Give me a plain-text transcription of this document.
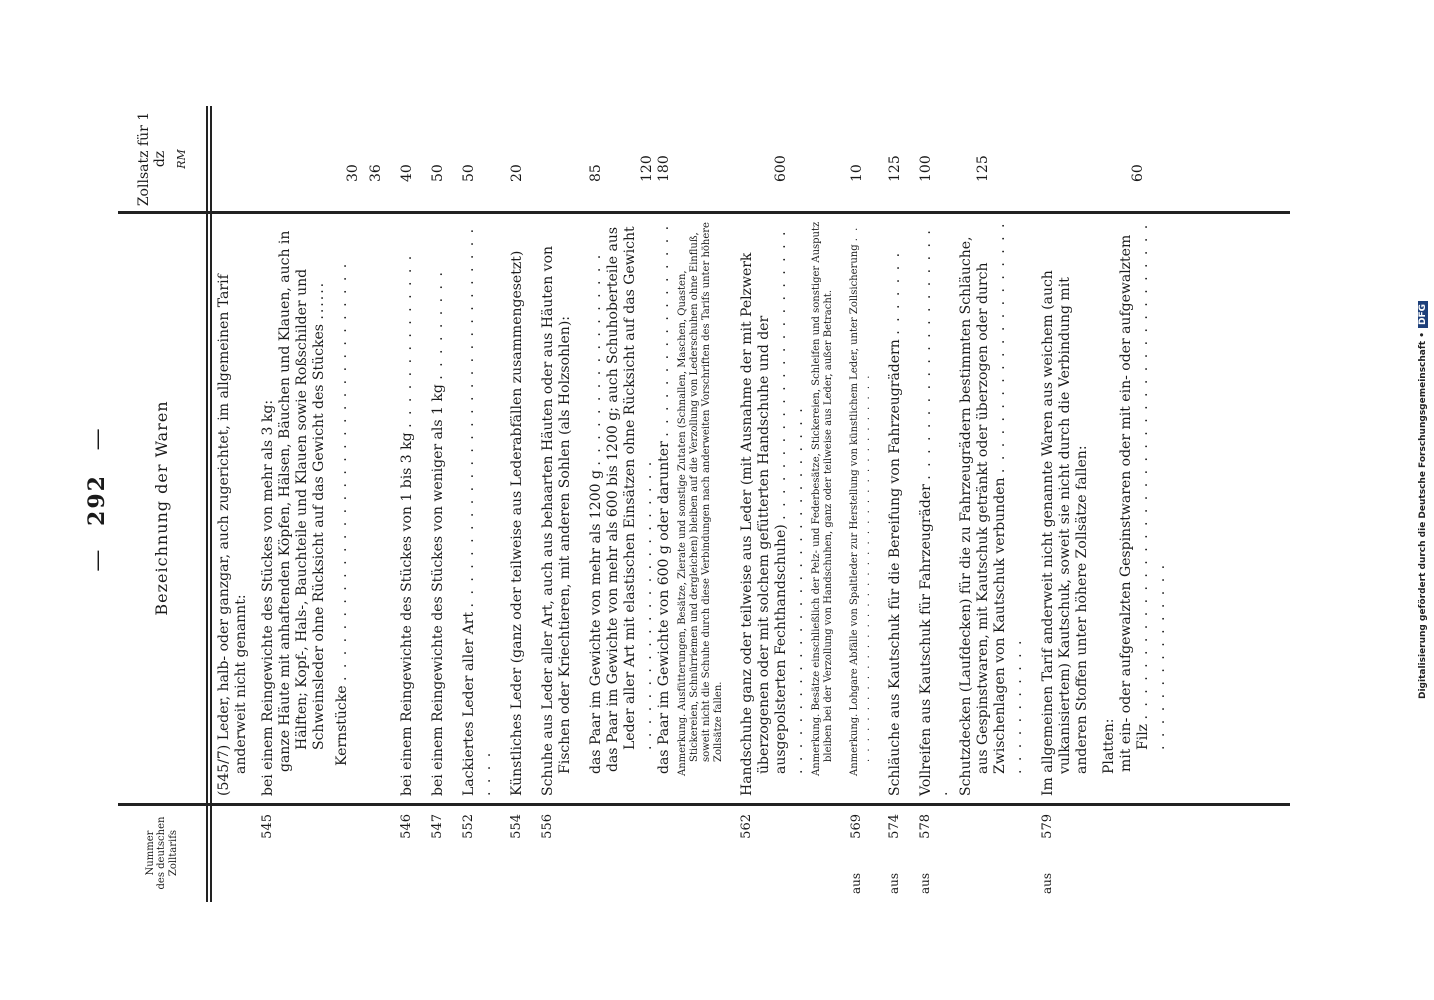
— 292 —
Nummer des deutschen Zolltarifs
Bezeichnung der Waren
Zollsatz für 1 dz RM
(545/7) Leder, halb- oder ganzgar, auch zugerichtet, im allgemeinen Tarif anderweit nicht genannt:
545
bei einem Reingewichte des Stückes von mehr als 3 kg: ganze Häute mit anhaftenden Köpfen, Hälsen, Bäuchen und Klauen, auch in Hälften; Kopf-, Hals-, Bauchteile und Klauen sowie Roßschilder und Schweinsleder ohne Rücksicht auf das Gewicht des Stückes ......
Kernstücke . . . . . . . . . . . . . . . . . . . . . . . . . . . . . . . . .
30 36
546
bei einem Reingewichte des Stückes von 1 bis 3 kg . . . . . . . . . . . . . .
40
547
bei einem Reingewichte des Stückes von weniger als 1 kg . . . . . . . . .
50
552
Lackiertes Leder aller Art . . . . . . . . . . . . . . . . . . . . . . . . . . . . . . . . . .
50
554
Künstliches Leder (ganz oder teilweise aus Lederabfällen zusammengesetzt)
20
556
Schuhe aus Leder aller Art, auch aus behaarten Häuten oder aus Häuten von Fischen oder Kriechtieren, mit anderen Sohlen (als Holzsohlen): das Paar im Gewichte von mehr als 1200 g . . . . . . . . . . . . . . . . . das Paar im Gewichte von mehr als 600 bis 1200 g; auch Schuhoberteile aus Leder aller Art mit elastischen Einsätzen ohne Rücksicht auf das Gewicht . . . . . . . . . . . . . . . . . . . . . . . das Paar im Gewichte von 600 g oder darunter . . . . . . . . . . . . . . . . . Anmerkung. Ausfütterungen, Besätze, Zierate und sonstige Zutaten (Schnallen, Maschen, Quasten, Stickereien, Schnürriemen und dergleichen) bleiben auf die Verzollung von Lederschuhen ohne Einfluß, soweit nicht die Schuhe durch diese Verbindungen nach anderweiten Vorschriften des Tarifs unter höhere Zollsätze fallen.
85	120 180
562
Handschuhe ganz oder teilweise aus Leder (mit Ausnahme der mit Pelzwerk überzogenen oder mit solchem gefütterten Handschuhe und der ausgepolsterten Fechthandschuhe) . . . . . . . . . . . . . . . . . . . . . . . . . . . . . . . . . . . . . . . . . . . . . . . . . . . . Anmerkung. Besätze einschließlich der Pelz- und Federbesätze, Stickereien, Schleifen und sonstiger Ausputz bleiben bei der Verzollung von Handschuhen, ganz oder teilweise aus Leder, außer Betracht.
600
aus
569
Anmerkung. Lohgare Abfälle von Spaltleder zur Herstellung von künstlichem Leder, unter Zollsicherung . . . . . . . . . . . . . . . . . . . . . . . . . . . . . . . . . . . . . . . .
10
aus
574
Schläuche aus Kautschuk für die Bereifung von Fahrzeugrädern . . . . . . .
125
aus
578
Vollreifen aus Kautschuk für Fahrzeugräder . . . . . . . . . . . . . . . . . . . . . Schutzdecken (Laufdecken) für die zu Fahrzeugrädern bestimmten Schläuche, aus Gespinstwaren, mit Kautschuk getränkt oder überzogen oder durch Zwischenlagen von Kautschuk verbunden . . . . . . . . . . . . . . . . . . . . . . . . . . . . . . .
100	125
aus
579
Im allgemeinen Tarif anderweit nicht genannte Waren aus weichem (auch vulkanisiertem) Kautschuk, soweit sie nicht durch die Verbindung mit anderen Stoffen unter höhere Zollsätze fallen: Platten: mit ein- oder aufgewalzten Gespinstwaren oder mit ein- oder aufgewalztem Filz . . . . . . . . . . . . . . . . . . . . . . . . . . . . . . . . . . . . . . . . . . . . . . . . . . . . . .
60
Digitalisierung gefördert durch die Deutsche Forschungsgemeinschaft •DFG
